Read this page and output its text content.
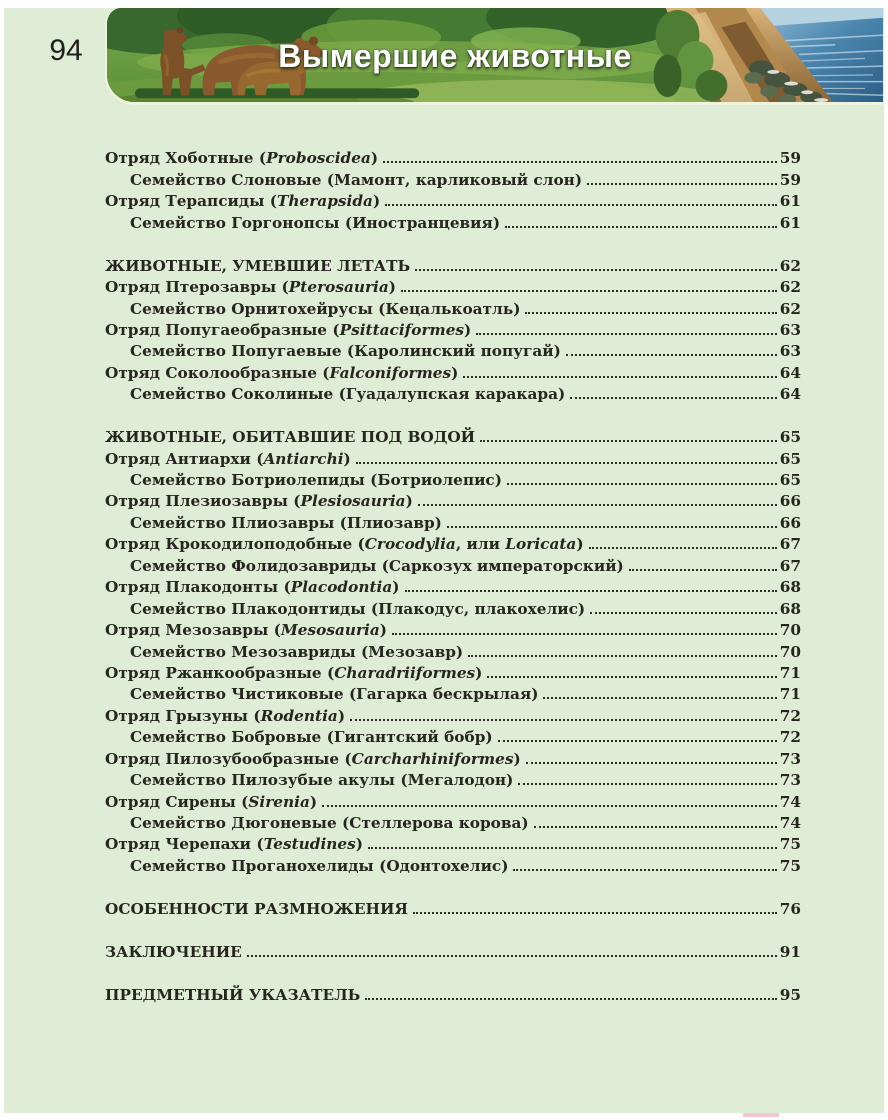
94	Вымершие животные
Отряд Хоботные (Proboscidea)	59
Семейство Слоновые (Мамонт, карликовый слон)	59
Отряд Терапсиды (Therapsida)	61
Семейство Горгонопсы (Иностранцевия)	61
ЖИВОТНЫЕ, УМЕВШИЕ ЛЕТАТЬ	62
Отряд Птерозавры (Pterosauria)	62
Семейство Орнитохейрусы (Кецалькоатль)	62
Отряд Попугаеобразные (Psittaciformes)	63
Семейство Попугаевые (Каролинский попугай)	63
Отряд Соколообразные (Falconiformes)	64
Семейство Соколиные (Гуадалупская каракара)	64
ЖИВОТНЫЕ, ОБИТАВШИЕ ПОД ВОДОЙ	65
Отряд Антиархи (Antiarchi)	65
Семейство Ботриолепиды (Ботриолепис)	65
Отряд Плезиозавры (Plesiosauria)	66
Семейство Плиозавры (Плиозавр)	66
Отряд Крокодилоподобные (Crocodylia, или Loricata)	67
Семейство Фолидозавриды (Саркозух императорский)	67
Отряд Плакодонты (Placodontia)	68
Семейство Плакодонтиды (Плакодус, плакохелис)	68
Отряд Мезозавры (Mesosauria)	70
Семейство Мезозавриды (Мезозавр)	70
Отряд Ржанкообразные (Charadriiformes)	71
Семейство Чистиковые (Гагарка бескрылая)	71
Отряд Грызуны (Rodentia)	72
Семейство Бобровые (Гигантский бобр)	72
Отряд Пилозубообразные (Carcharhiniformes)	73
Семейство Пилозубые акулы (Мегалодон)	73
Отряд Сирены (Sirenia)	74
Семейство Дюгоневые (Стеллерова корова)	74
Отряд Черепахи (Testudines)	75
Семейство Проганохелиды (Одонтохелис)	75
ОСОБЕННОСТИ РАЗМНОЖЕНИЯ	76
ЗАКЛЮЧЕНИЕ	91
ПРЕДМЕТНЫЙ УКАЗАТЕЛЬ	95
